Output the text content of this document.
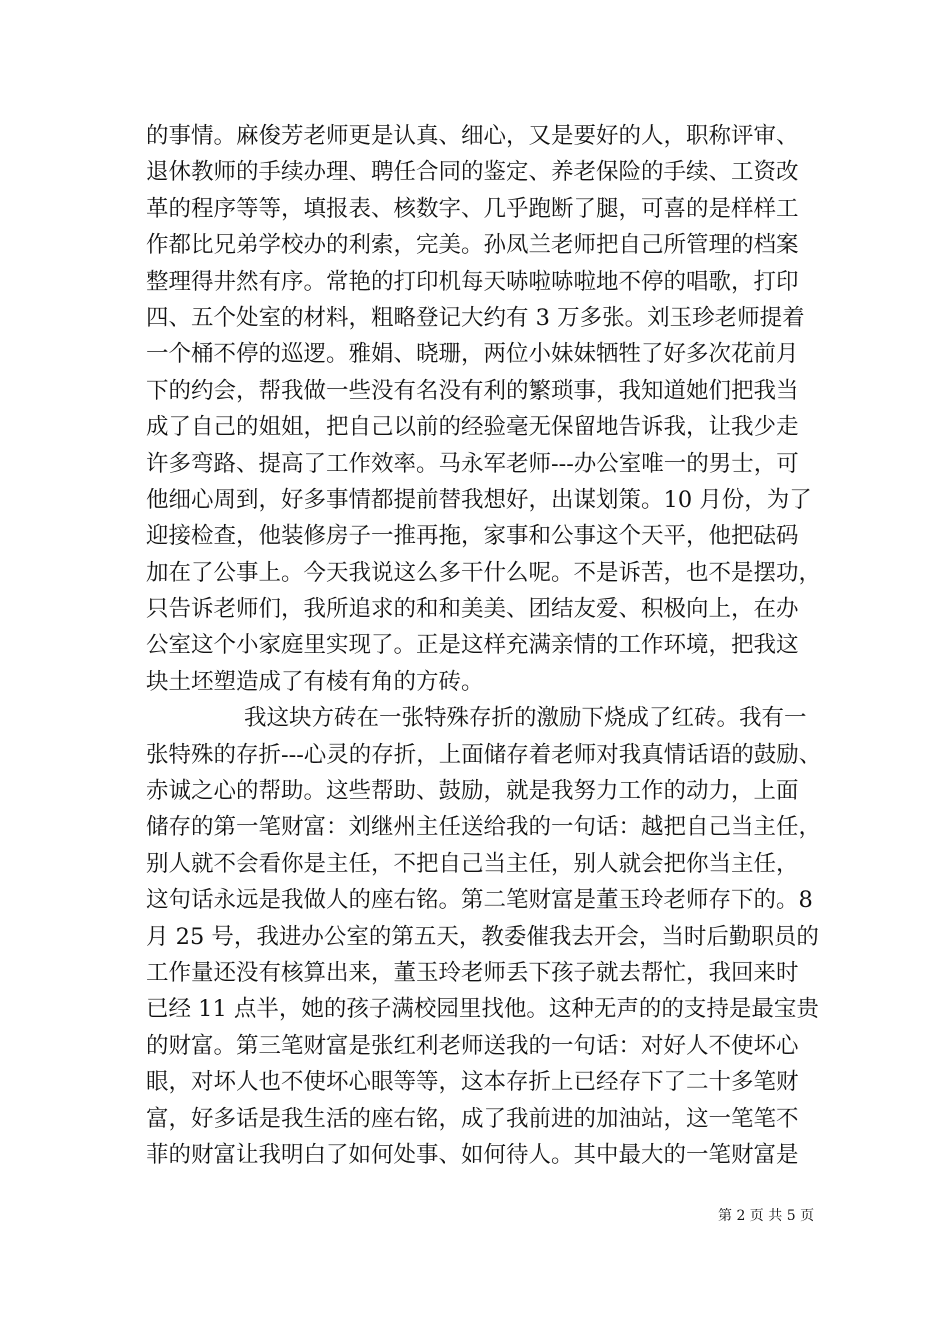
的事情。麻俊芳老师更是认真、细心，又是要好的人，职称评审、
退休教师的手续办理、聘任合同的鉴定、养老保险的手续、工资改
革的程序等等，填报表、核数字、几乎跑断了腿，可喜的是样样工
作都比兄弟学校办的利索，完美。孙凤兰老师把自己所管理的档案
整理得井然有序。常艳的打印机每天哧啦哧啦地不停的唱歌，打印
四、五个处室的材料，粗略登记大约有 3 万多张。刘玉珍老师提着
一个桶不停的巡逻。雅娟、晓珊，两位小妹妹牺牲了好多次花前月
下的约会，帮我做一些没有名没有利的繁琐事，我知道她们把我当
成了自己的姐姐，把自己以前的经验毫无保留地告诉我，让我少走
许多弯路、提高了工作效率。马永军老师---办公室唯一的男士，可
他细心周到，好多事情都提前替我想好，出谋划策。10 月份，为了
迎接检查，他装修房子一推再拖，家事和公事这个天平，他把砝码
加在了公事上。今天我说这么多干什么呢。不是诉苦，也不是摆功，
只告诉老师们，我所追求的和和美美、团结友爱、积极向上，在办
公室这个小家庭里实现了。正是这样充满亲情的工作环境，把我这
块土坯塑造成了有棱有角的方砖。
我这块方砖在一张特殊存折的激励下烧成了红砖。我有一
张特殊的存折---心灵的存折，上面储存着老师对我真情话语的鼓励、
赤诚之心的帮助。这些帮助、鼓励，就是我努力工作的动力，上面
储存的第一笔财富：刘继州主任送给我的一句话：越把自己当主任，
别人就不会看你是主任，不把自己当主任，别人就会把你当主任，
这句话永远是我做人的座右铭。第二笔财富是董玉玲老师存下的。8
月 25 号，我进办公室的第五天，教委催我去开会，当时后勤职员的
工作量还没有核算出来，董玉玲老师丢下孩子就去帮忙，我回来时
已经 11 点半，她的孩子满校园里找他。这种无声的的支持是最宝贵
的财富。第三笔财富是张红利老师送我的一句话：对好人不使坏心
眼，对坏人也不使坏心眼等等，这本存折上已经存下了二十多笔财
富，好多话是我生活的座右铭，成了我前进的加油站，这一笔笔不
菲的财富让我明白了如何处事、如何待人。其中最大的一笔财富是
第 2 页 共 5 页
